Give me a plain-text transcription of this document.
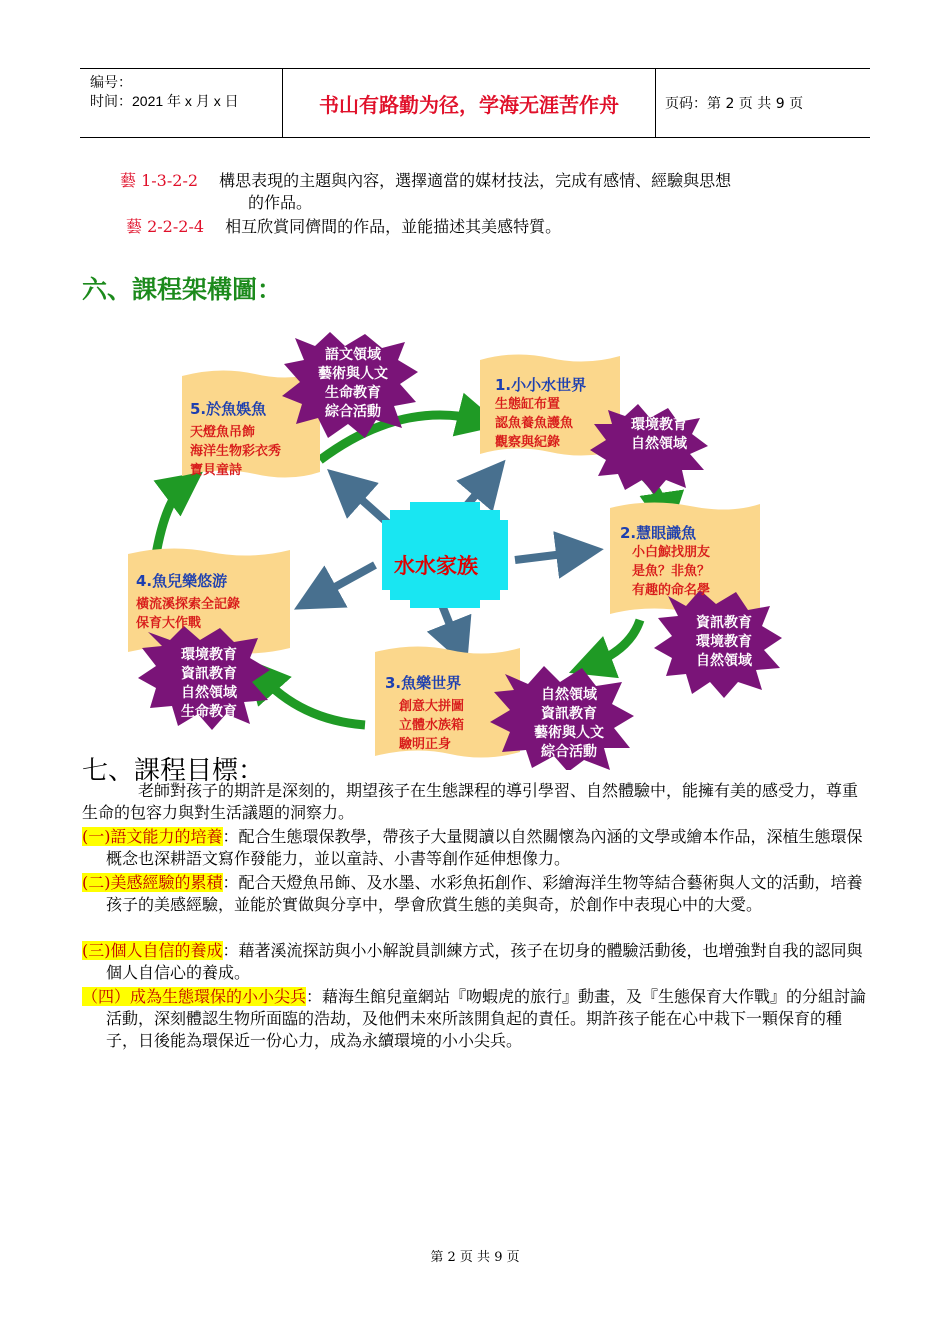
编号：
时间：2021 年 x 月 x 日	书山有路勤为径，学海无涯苦作舟	页码：第 2 页 共 9 页
藝 1-3-2-2 構思表現的主題與內容，選擇適當的媒材技法，完成有感情、經驗與思想
的作品。
藝 2-2-2-4 相互欣賞同儕間的作品，並能描述其美感特質。
六、課程架構圖：
水水家族
1.小小水世界
生態缸布置
認魚養魚護魚
觀察與紀錄
環境教育
自然領域
2.慧眼識魚
小白鯨找朋友
是魚？非魚？
有趣的命名學
資訊教育
環境教育
自然領域
3.魚樂世界
創意大拼圖
立體水族箱
驗明正身
自然領域
資訊教育
藝術與人文
綜合活動
4.魚兒樂悠游
橫流溪探索全記錄
保育大作戰
環境教育
資訊教育
自然領域
生命教育
5.於魚娛魚
天燈魚吊飾
海洋生物彩衣秀
寶貝童詩
語文領域
藝術與人文
生命教育
綜合活動
七、課程目標：
老師對孩子的期許是深刻的，期望孩子在生態課程的導引學習、自然體驗中，能擁有美的感受力，尊重生命的包容力與對生活議題的洞察力。
(一)語文能力的培養：配合生態環保教學，帶孩子大量閱讀以自然關懷為內涵的文學或繪本作品，深植生態環保概念也深耕語文寫作發能力，並以童詩、小書等創作延伸想像力。
(二)美感經驗的累積：配合天燈魚吊飾、及水墨、水彩魚拓創作、彩繪海洋生物等結合藝術與人文的活動，培養孩子的美感經驗，並能於實做與分享中，學會欣賞生態的美與奇，於創作中表現心中的大愛。
(三)個人自信的養成：藉著溪流探訪與小小解說員訓練方式，孩子在切身的體驗活動後，也增強對自我的認同與個人自信心的養成。
（四）成為生態環保的小小尖兵：藉海生館兒童網站『吻蝦虎的旅行』動畫，及『生態保育大作戰』的分組討論活動，深刻體認生物所面臨的浩劫，及他們未來所該開負起的責任。期許孩子能在心中栽下一顆保育的種子，日後能為環保近一份心力，成為永續環境的小小尖兵。
第 2 页 共 9 页
